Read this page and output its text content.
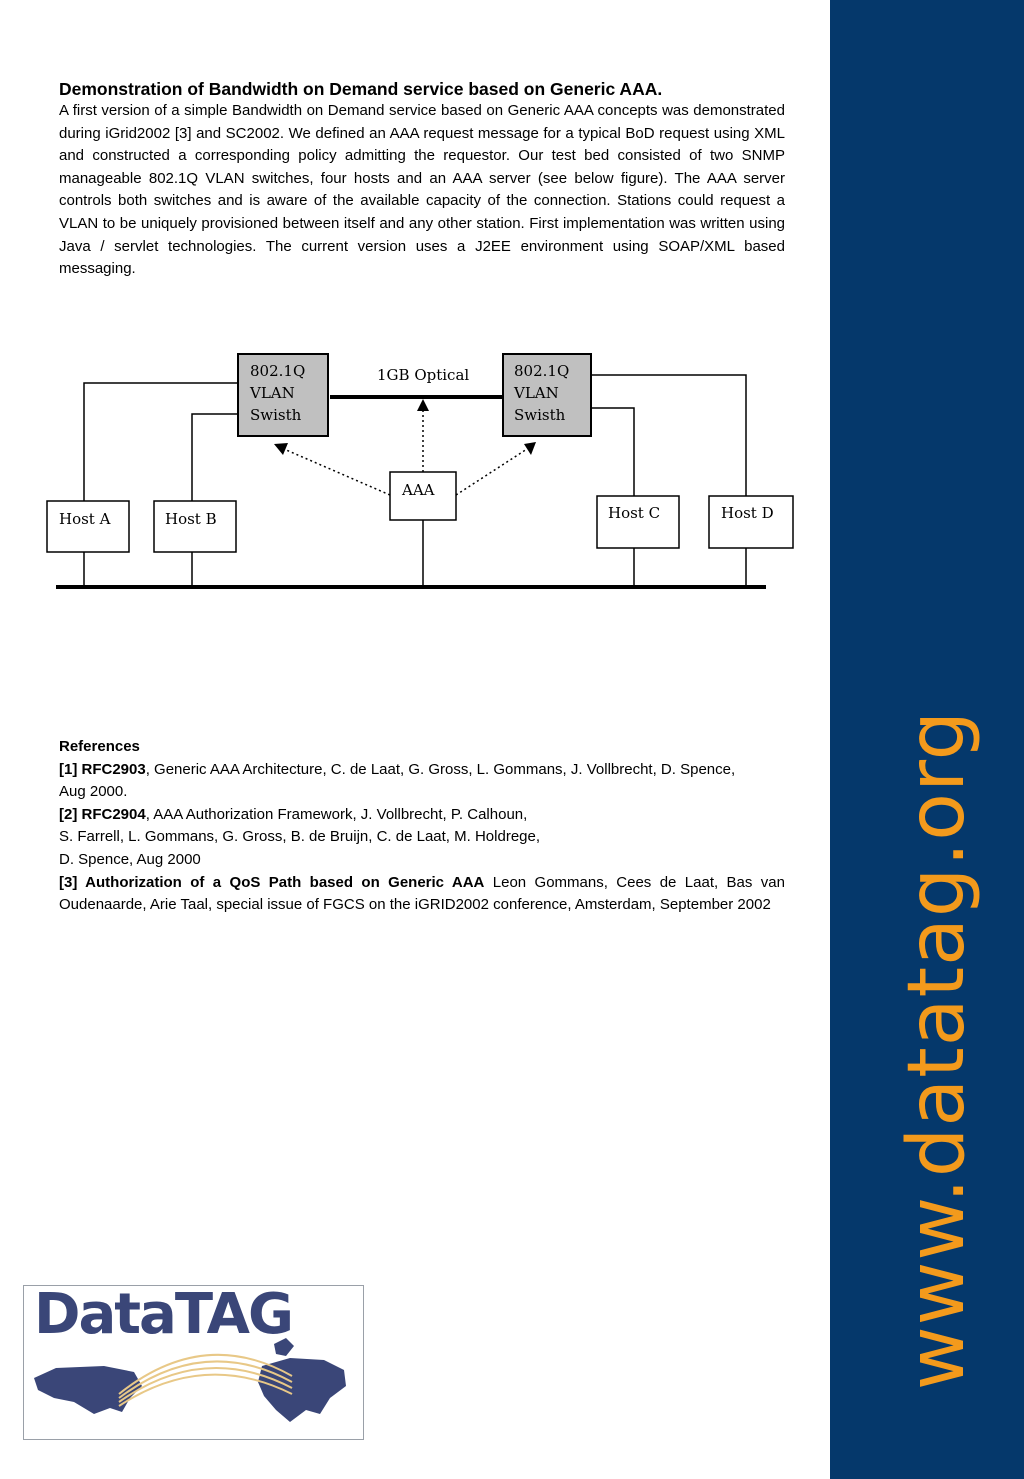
Demonstration of Bandwidth on Demand service based on Generic AAA.

A first version of a simple Bandwidth on Demand service based on Generic AAA concepts was demonstrated during iGrid2002 [3] and SC2002. We defined an AAA request message for a typical BoD request using XML and constructed a corresponding policy admitting the requestor. Our test bed consisted of two SNMP manageable 802.1Q VLAN switches, four hosts and an AAA server (see below figure). The AAA server controls both switches and is aware of the available capacity of the connection. Stations could request a VLAN to be uniquely provisioned between itself and any other station. First implementation was written using Java / servlet technologies. The current version uses a J2EE environment using SOAP/XML based messaging.

802.1Q
VLAN
Swisth
802.1Q
VLAN
Swisth
1GB Optical
AAA
Host A	Host B	Host C	Host D
References
[1] RFC2903, Generic AAA Architecture, C. de Laat, G. Gross, L. Gommans, J. Vollbrecht, D. Spence,
Aug 2000.
[2] RFC2904, AAA Authorization Framework, J. Vollbrecht, P. Calhoun,
S. Farrell, L. Gommans, G. Gross, B. de Bruijn, C. de Laat, M. Holdrege,
D. Spence, Aug 2000
[3] Authorization of a QoS Path based on Generic AAA Leon Gommans, Cees de Laat, Bas van Oudenaarde, Arie Taal, special issue of FGCS on the iGRID2002 conference, Amsterdam, September 2002
DataTAG	www.datatag.org
